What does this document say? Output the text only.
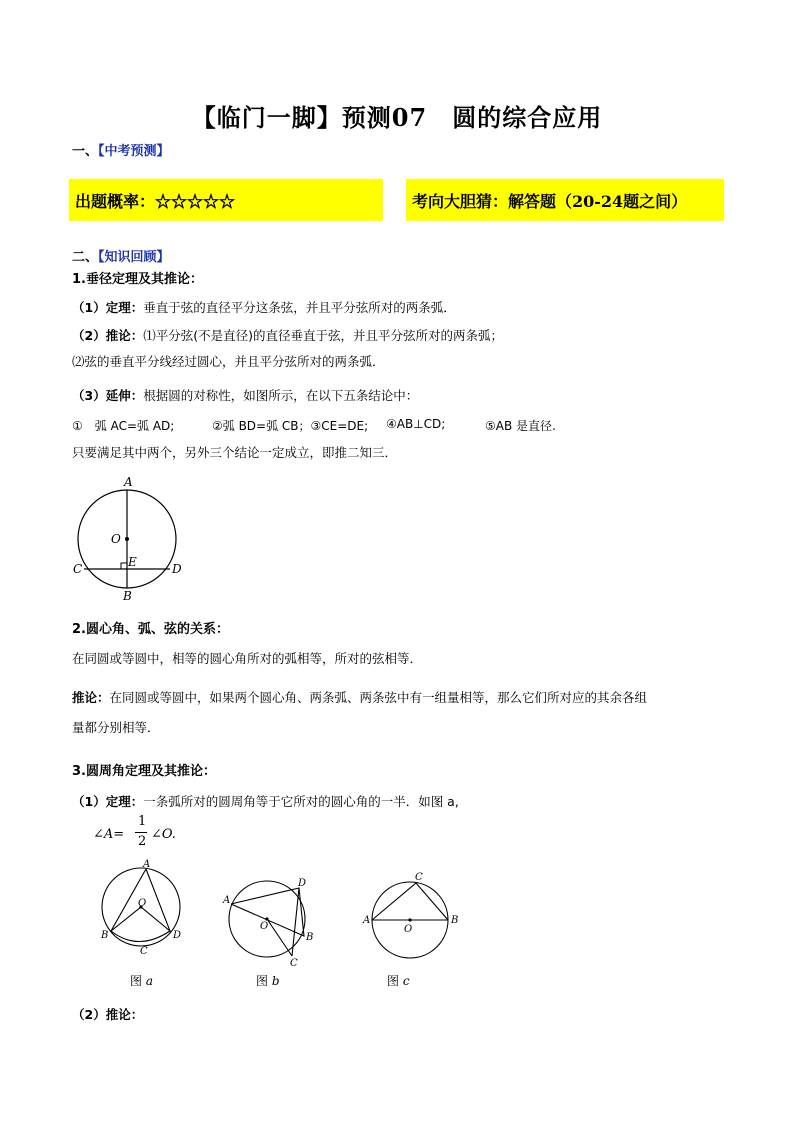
【临门一脚】预测07　圆的综合应用
一、【中考预测】
出题概率：☆☆☆☆☆	考向大胆猜：解答题（20-24题之间）
二、【知识回顾】
1.垂径定理及其推论：
（1）定理：垂直于弦的直径平分这条弦，并且平分弦所对的两条弧．
（2）推论：⑴平分弦(不是直径)的直径垂直于弦，并且平分弦所对的两条弧；
⑵弦的垂直平分线经过圆心，并且平分弦所对的两条弧．
（3）延伸：根据圆的对称性，如图所示，在以下五条结论中：
①　弧 AC=弧 AD;	②弧 BD=弧 CB；③CE=DE; ④AB⊥CD;	⑤AB 是直径.
只要满足其中两个，另外三个结论一定成立，即推二知三．
A
O
E
C	D
B
2.圆心角、弧、弦的关系：
在同圆或等圆中，相等的圆心角所对的弧相等，所对的弦相等．
推论：在同圆或等圆中，如果两个圆心角、两条弧、两条弦中有一组量相等，那么它们所对应的其余各组
量都分别相等．
3.圆周角定理及其推论：
（1）定理：一条弧所对的圆周角等于它所对的圆心角的一半．如图 a,
∠A=
1
2 ∠O.
A
O
B
C
D
图 a
A
O
D
B
C
图 b
A
O
B
C
图 c
（2）推论：
